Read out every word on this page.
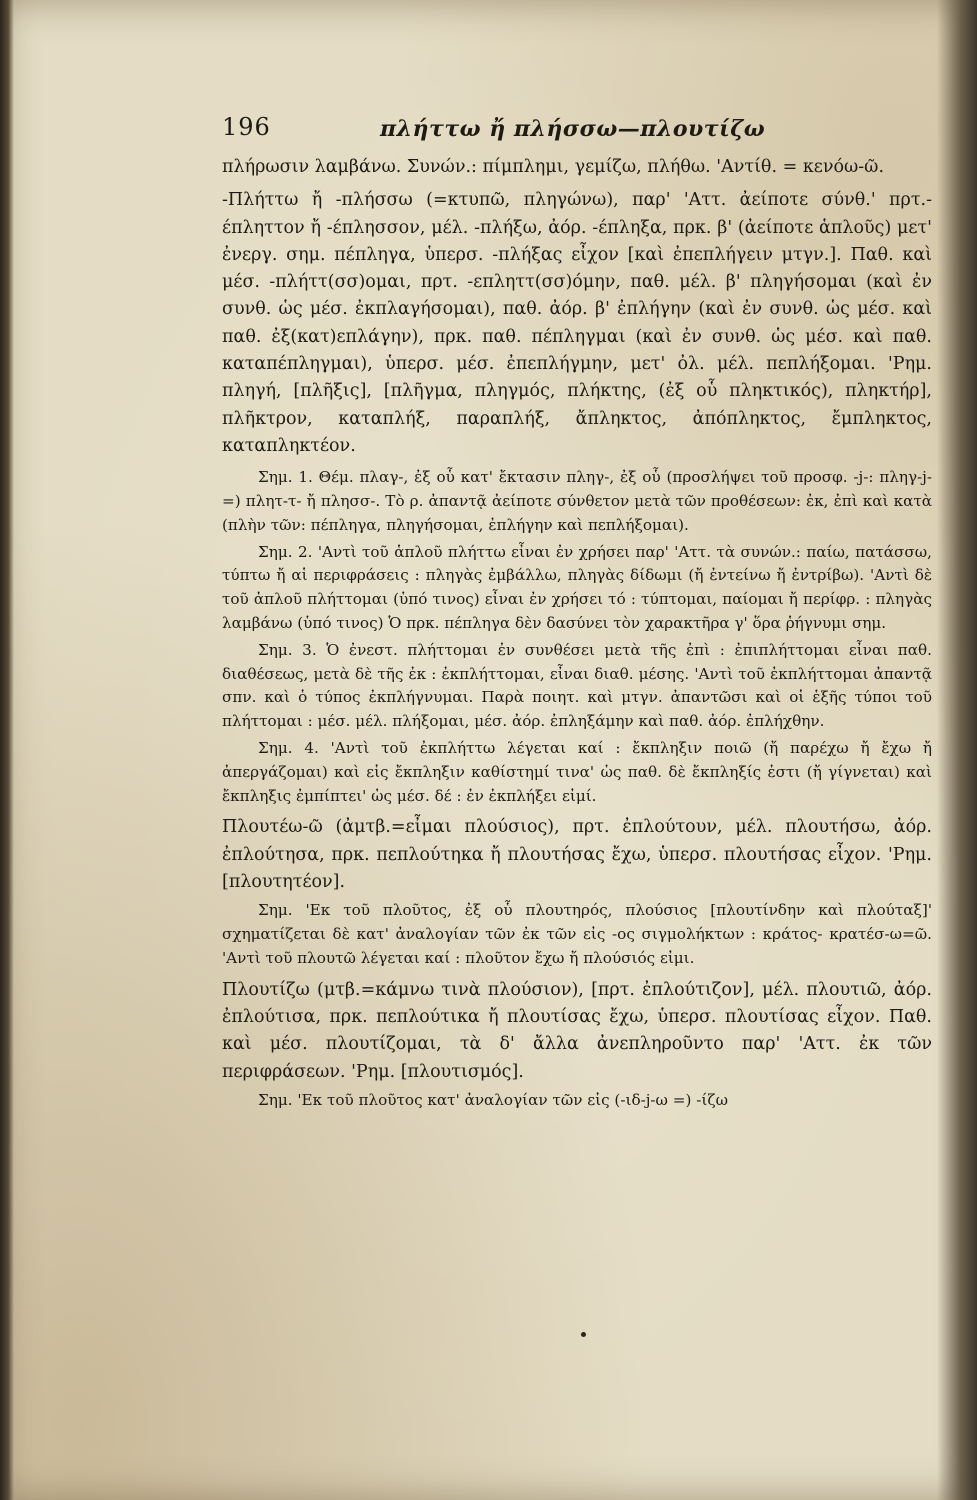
196	πλήττω ἤ πλήσσω—πλουτίζω

πλήρωσιν λαμβάνω. Συνών.: πίμπλημι, γεμίζω, πλήθω. 'Αντίθ. = κενόω-ῶ.

-Πλήττω ἤ -πλήσσω (=κτυπῶ, πληγώνω), παρ' 'Αττ. ἀείποτε σύνθ.' πρτ.-έπληττον ἤ -έπλησσον, μέλ. -πλήξω, ἀόρ. -έπληξα, πρκ. β' (ἀείποτε ἁπλοῦς) μετ' ἐνεργ. σημ. πέπληγα, ὑπερσ. -πλήξας εἶχον [καὶ ἐπεπλήγειν μτγν.]. Παθ. καὶ μέσ. -πλήττ(σσ)ομαι, πρτ. -επληττ(σσ)όμην, παθ. μέλ. β' πληγήσομαι (καὶ ἐν συνθ. ὡς μέσ. ἐκπλαγήσομαι), παθ. ἀόρ. β' ἐπλήγην (καὶ ἐν συνθ. ὡς μέσ. καὶ παθ. ἐξ(κατ)επλάγην), πρκ. παθ. πέπληγμαι (καὶ ἐν συνθ. ὡς μέσ. καὶ παθ. καταπέπληγμαι), ὑπερσ. μέσ. ἐπεπλήγμην, μετ' ὀλ. μέλ. πεπλήξομαι. 'Ρημ. πληγή, [πλῆξις], [πλῆγμα, πληγμός, πλήκτης, (ἐξ οὗ πληκτικός), πληκτήρ], πλῆκτρον, καταπλήξ, παραπλήξ, ἄπληκτος, ἀπόπληκτος, ἔμπληκτος, καταπληκτέον.

Σημ. 1. Θέμ. πλαγ-, ἐξ οὗ κατ' ἔκτασιν πληγ-, ἐξ οὗ (προσλήψει τοῦ προσφ. -j-: πληγ-j-=) πλητ-τ- ἤ πλησσ-. Τὸ ρ. ἀπαντᾷ ἀείποτε σύνθετον μετὰ τῶν προθέσεων: ἐκ, ἐπὶ καὶ κατὰ (πλὴν τῶν: πέπληγα, πληγήσομαι, ἐπλήγην καὶ πεπλήξομαι).

Σημ. 2. 'Αντὶ τοῦ ἁπλοῦ πλήττω εἶναι ἐν χρήσει παρ' 'Αττ. τὰ συνών.: παίω, πατάσσω, τύπτω ἤ αἱ περιφράσεις : πληγὰς ἐμβάλλω, πληγὰς δίδωμι (ἤ ἐντείνω ἤ ἐντρίβω). 'Αντὶ δὲ τοῦ ἁπλοῦ πλήττομαι (ὑπό τινος) εἶναι ἐν χρήσει τό : τύπτομαι, παίομαι ἤ περίφρ. : πληγὰς λαμβάνω (ὑπό τινος) Ὁ πρκ. πέπληγα δὲν δασύνει τὸν χαρακτῆρα γ' ὅρα ῥήγνυμι σημ.

Σημ. 3. Ὁ ἐνεστ. πλήττομαι ἐν συνθέσει μετὰ τῆς ἐπὶ : ἐπιπλήττομαι εἶναι παθ. διαθέσεως, μετὰ δὲ τῆς ἐκ : ἐκπλήττομαι, εἶναι διαθ. μέσης. 'Αντὶ τοῦ ἐκπλήττομαι ἀπαντᾷ σπν. καὶ ὁ τύπος ἐκπλήγνυμαι. Παρὰ ποιητ. καὶ μτγν. ἀπαντῶσι καὶ οἱ ἑξῆς τύποι τοῦ πλήττομαι : μέσ. μέλ. πλήξομαι, μέσ. ἀόρ. ἐπληξάμην καὶ παθ. ἀόρ. ἐπλήχθην.

Σημ. 4. 'Αντὶ τοῦ ἐκπλήττω λέγεται καί : ἔκπληξιν ποιῶ (ἤ παρέχω ἤ ἔχω ἤ ἀπεργάζομαι) καὶ εἰς ἔκπληξιν καθίστημί τινα' ὡς παθ. δὲ ἔκπληξίς ἐστι (ἤ γίγνεται) καὶ ἔκπληξις ἐμπίπτει' ὡς μέσ. δέ : ἐν ἐκπλήξει εἰμί.

Πλουτέω-ῶ (ἀμτβ.=εἶμαι πλούσιος), πρτ. ἐπλούτουν, μέλ. πλουτήσω, ἀόρ. ἐπλούτησα, πρκ. πεπλούτηκα ἤ πλουτήσας ἔχω, ὑπερσ. πλουτήσας εἶχον. 'Ρημ. [πλουτητέον].

Σημ. 'Εκ τοῦ πλοῦτος, ἐξ οὗ πλουτηρός, πλούσιος [πλουτίνδην καὶ πλούταξ]' σχηματίζεται δὲ κατ' ἀναλογίαν τῶν ἐκ τῶν εἰς -ος σιγμολήκτων : κράτος- κρατέσ-ω=ῶ. 'Αντὶ τοῦ πλουτῶ λέγεται καί : πλοῦτον ἔχω ἤ πλούσιός εἰμι.

Πλουτίζω (μτβ.=κάμνω τινὰ πλούσιον), [πρτ. ἐπλούτιζον], μέλ. πλουτιῶ, ἀόρ. ἐπλούτισα, πρκ. πεπλούτικα ἤ πλουτίσας ἔχω, ὑπερσ. πλουτίσας εἶχον. Παθ. καὶ μέσ. πλουτίζομαι, τὰ δ' ἄλλα ἀνεπληροῦντο παρ' 'Αττ. ἐκ τῶν περιφράσεων. 'Ρημ. [πλουτισμός].

Σημ. 'Εκ τοῦ πλοῦτος κατ' ἀναλογίαν τῶν εἰς (-ιδ-j-ω =) -ίζω
